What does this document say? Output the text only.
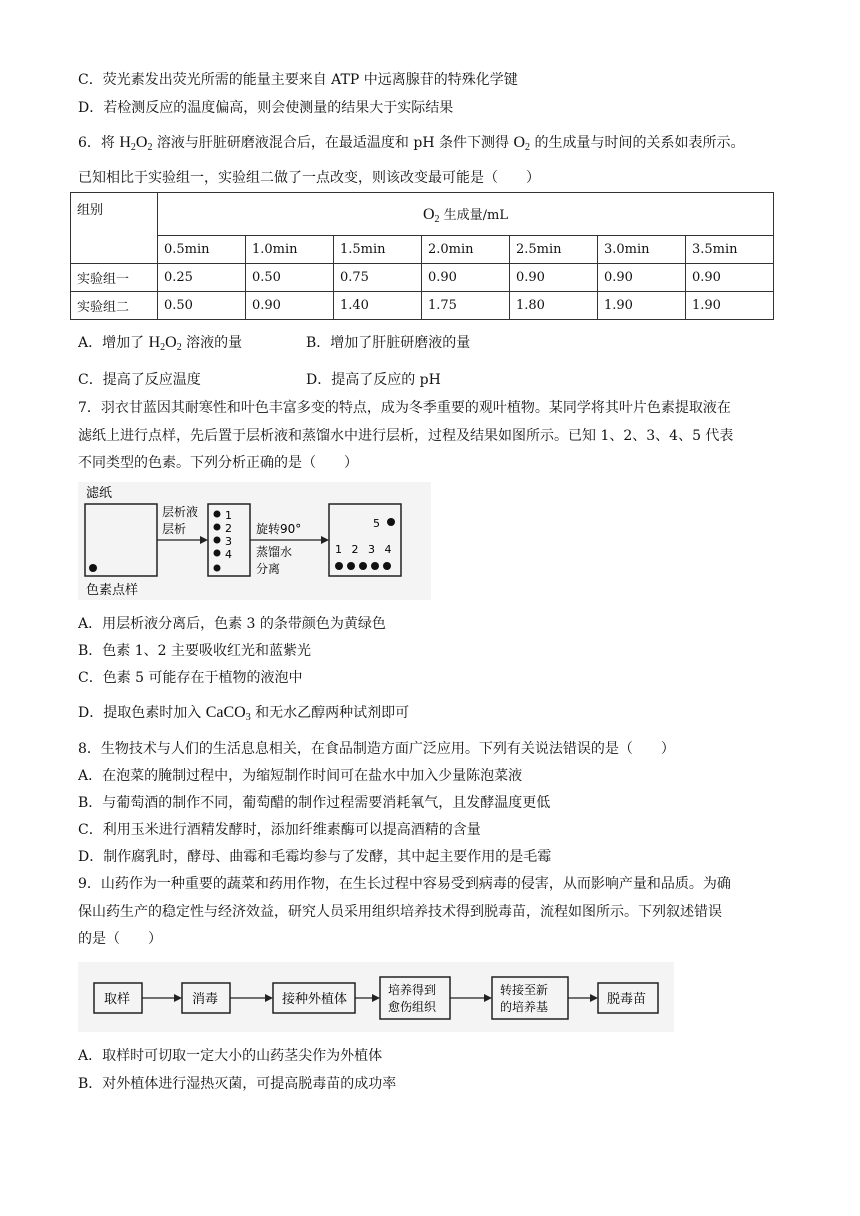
C．荧光素发出荧光所需的能量主要来自 ATP 中远离腺苷的特殊化学键
D．若检测反应的温度偏高，则会使测量的结果大于实际结果
6．将 $H_2O_2$ 溶液与肝脏研磨液混合后，在最适温度和 pH 条件下测得 $O_2$ 的生成量与时间的关系如表所示。
已知相比于实验组一，实验组二做了一点改变，则该改变最可能是（　　）
组别	$O_2$ 生成量/mL						
	0.5min	1.0min	1.5min	2.0min	2.5min	3.0min	3.5min
实验组一	0.25	0.50	0.75	0.90	0.90	0.90	0.90
实验组二	0.50	0.90	1.40	1.75	1.80	1.90	1.90
A．增加了 $H_2O_2$ 溶液的量	B．增加了肝脏研磨液的量
C．提高了反应温度	D．提高了反应的 pH
7．羽衣甘蓝因其耐寒性和叶色丰富多变的特点，成为冬季重要的观叶植物。某同学将其叶片色素提取液在
滤纸上进行点样，先后置于层析液和蒸馏水中进行层析，过程及结果如图所示。已知 1、2、3、4、5 代表
不同类型的色素。下列分析正确的是（　　）
滤纸
色素点样
层析液
层析
1
2
3
4
旋转90°
蒸馏水
分离
5
1 2 3 4
A．用层析液分离后，色素 3 的条带颜色为黄绿色
B．色素 1、2 主要吸收红光和蓝紫光
C．色素 5 可能存在于植物的液泡中
D．提取色素时加入 CaCO$_3$ 和无水乙醇两种试剂即可
8．生物技术与人们的生活息息相关，在食品制造方面广泛应用。下列有关说法错误的是（　　）
A．在泡菜的腌制过程中，为缩短制作时间可在盐水中加入少量陈泡菜液
B．与葡萄酒的制作不同，葡萄醋的制作过程需要消耗氧气，且发酵温度更低
C．利用玉米进行酒精发酵时，添加纤维素酶可以提高酒精的含量
D．制作腐乳时，酵母、曲霉和毛霉均参与了发酵，其中起主要作用的是毛霉
9．山药作为一种重要的蔬菜和药用作物，在生长过程中容易受到病毒的侵害，从而影响产量和品质。为确
保山药生产的稳定性与经济效益，研究人员采用组织培养技术得到脱毒苗，流程如图所示。下列叙述错误
的是（　　）
取样	消毒	接种外植体
培养得到
愈伤组织
转接至新
的培养基	脱毒苗
A．取样时可切取一定大小的山药茎尖作为外植体
B．对外植体进行湿热灭菌，可提高脱毒苗的成功率
